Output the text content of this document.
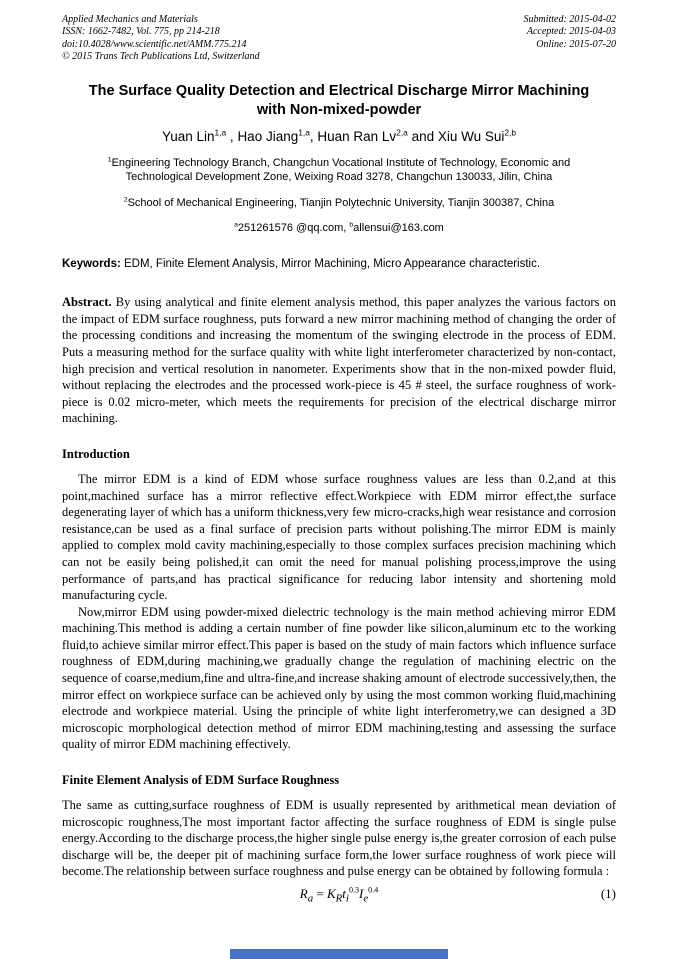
Applied Mechanics and Materials
ISSN: 1662-7482, Vol. 775, pp 214-218
doi:10.4028/www.scientific.net/AMM.775.214
© 2015 Trans Tech Publications Ltd, Switzerland
Submitted: 2015-04-02
Accepted: 2015-04-03
Online: 2015-07-20
The Surface Quality Detection and Electrical Discharge Mirror Machining
with Non-mixed-powder
Yuan Lin$^{1,a}$ , Hao Jiang$^{1,a}$, Huan Ran Lv$^{2,a}$ and Xiu Wu Sui$^{2,b}$
$^1$Engineering Technology Branch, Changchun Vocational Institute of Technology, Economic and Technological Development Zone, Weixing Road 3278, Changchun 130033, Jilin, China
$^2$School of Mechanical Engineering, Tianjin Polytechnic University, Tianjin 300387, China
$^a$251261576 @qq.com, $^b$allensui@163.com
Keywords: EDM, Finite Element Analysis, Mirror Machining, Micro Appearance characteristic.

Abstract. By using analytical and finite element analysis method, this paper analyzes the various factors on the impact of EDM surface roughness, puts forward a new mirror machining method of changing the order of the processing conditions and increasing the momentum of the swinging electrode in the process of EDM. Puts a measuring method for the surface quality with white light interferometer characterized by non-contact, high precision and vertical resolution in nanometer. Experiments show that in the non-mixed powder fluid, without replacing the electrodes and the processed work-piece is 45 # steel, the surface roughness of work-piece is 0.02 micro-meter, which meets the requirements for precision of the electrical discharge mirror machining.

Introduction

The mirror EDM is a kind of EDM whose surface roughness values are less than 0.2,and at this point,machined surface has a mirror reflective effect.Workpiece with EDM mirror effect,the surface degenerating layer of which has a uniform thickness,very few micro-cracks,high wear resistance and corrosion resistance,can be used as a final surface of precision parts without polishing.The mirror EDM is mainly applied to complex mold cavity machining,especially to those complex surfaces precision machining which can not be easily being polished,it can omit the need for manual polishing process,improve the using performance of parts,and has practical significance for reducing labor intensity and shortening mold manufacturing cycle.

Now,mirror EDM using powder-mixed dielectric technology is the main method achieving mirror EDM machining.This method is adding a certain number of fine powder like silicon,aluminum etc to the working fluid,to achieve similar mirror effect.This paper is based on the study of main factors which influence surface roughness of EDM,during machining,we gradually change the regulation of machining electric on the sequence of coarse,medium,fine and ultra-fine,and increase shaking amount of electrode successively,then, the mirror effect on workpiece surface can be achieved only by using the most common working fluid,machining electrode and workpiece material. Using the principle of white light interferometry,we can designed a 3D microscopic morphological detection method of mirror EDM machining,testing and assessing the surface quality of mirror EDM machining effectively.

Finite Element Analysis of EDM Surface Roughness

The same as cutting,surface roughness of EDM is usually represented by arithmetical mean deviation of microscopic roughness,The most important factor affecting the surface roughness of EDM is single pulse energy.According to the discharge process,the higher single pulse energy is,the greater corrosion of each pulse discharge will be, the deeper pit of machining surface form,the lower surface roughness of work piece will become.The relationship between surface roughness and pulse energy can be obtained by following formula :

$R_a = K_Rt_i^{0.3}I_e^{0.4}$	(1)
